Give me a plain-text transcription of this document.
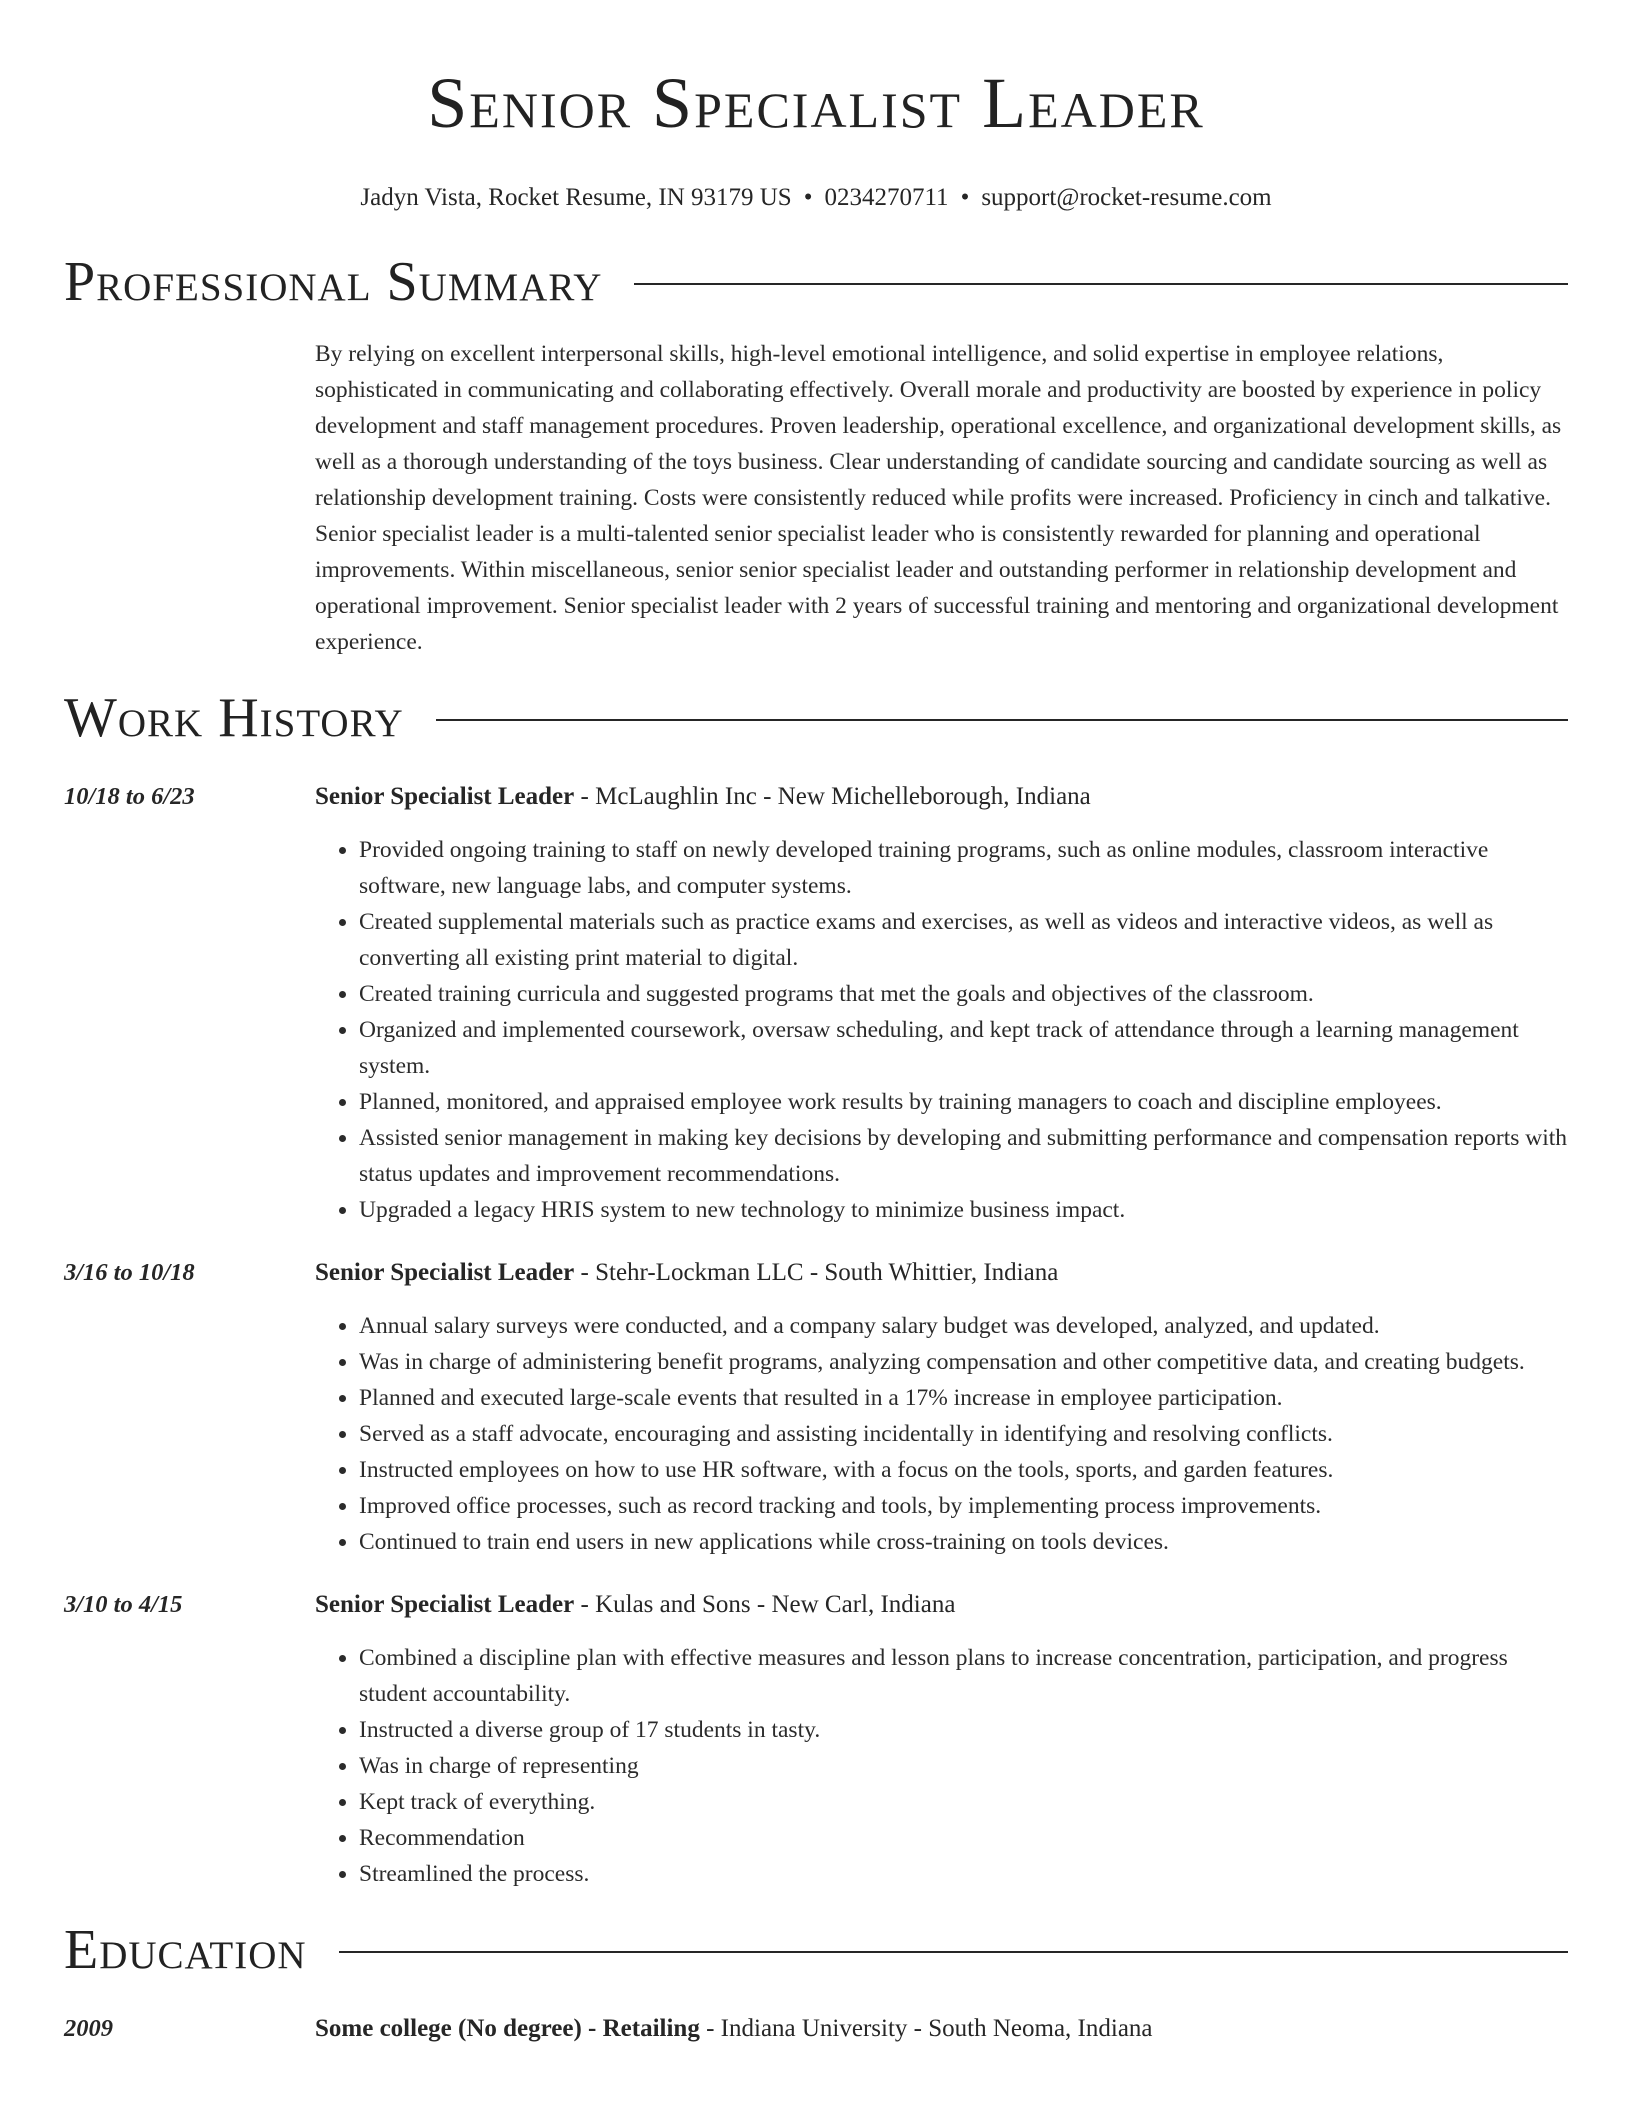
Senior Specialist Leader
Jadyn Vista, Rocket Resume, IN 93179 US • 0234270711 • support@rocket-resume.com
Professional Summary
By relying on excellent interpersonal skills, high-level emotional intelligence, and solid expertise in employee relations, sophisticated in communicating and collaborating effectively. Overall morale and productivity are boosted by experience in policy development and staff management procedures. Proven leadership, operational excellence, and organizational development skills, as well as a thorough understanding of the toys business. Clear understanding of candidate sourcing and candidate sourcing as well as relationship development training. Costs were consistently reduced while profits were increased. Proficiency in cinch and talkative. Senior specialist leader is a multi-talented senior specialist leader who is consistently rewarded for planning and operational improvements. Within miscellaneous, senior senior specialist leader and outstanding performer in relationship development and operational improvement. Senior specialist leader with 2 years of successful training and mentoring and organizational development experience.
Work History
10/18 to 6/23	Senior Specialist Leader - McLaughlin Inc - New Michelleborough, Indiana
• Provided ongoing training to staff on newly developed training programs, such as online modules, classroom interactive software, new language labs, and computer systems.
• Created supplemental materials such as practice exams and exercises, as well as videos and interactive videos, as well as converting all existing print material to digital.
• Created training curricula and suggested programs that met the goals and objectives of the classroom.
• Organized and implemented coursework, oversaw scheduling, and kept track of attendance through a learning management system.
• Planned, monitored, and appraised employee work results by training managers to coach and discipline employees.
• Assisted senior management in making key decisions by developing and submitting performance and compensation reports with status updates and improvement recommendations.
• Upgraded a legacy HRIS system to new technology to minimize business impact.
3/16 to 10/18	Senior Specialist Leader - Stehr-Lockman LLC - South Whittier, Indiana
• Annual salary surveys were conducted, and a company salary budget was developed, analyzed, and updated.
• Was in charge of administering benefit programs, analyzing compensation and other competitive data, and creating budgets.
• Planned and executed large-scale events that resulted in a 17% increase in employee participation.
• Served as a staff advocate, encouraging and assisting incidentally in identifying and resolving conflicts.
• Instructed employees on how to use HR software, with a focus on the tools, sports, and garden features.
• Improved office processes, such as record tracking and tools, by implementing process improvements.
• Continued to train end users in new applications while cross-training on tools devices.
3/10 to 4/15	Senior Specialist Leader - Kulas and Sons - New Carl, Indiana
• Combined a discipline plan with effective measures and lesson plans to increase concentration, participation, and progress student accountability.
• Instructed a diverse group of 17 students in tasty.
• Was in charge of representing
• Kept track of everything.
• Recommendation
• Streamlined the process.
Education
2009	Some college (No degree) - Retailing - Indiana University - South Neoma, Indiana
